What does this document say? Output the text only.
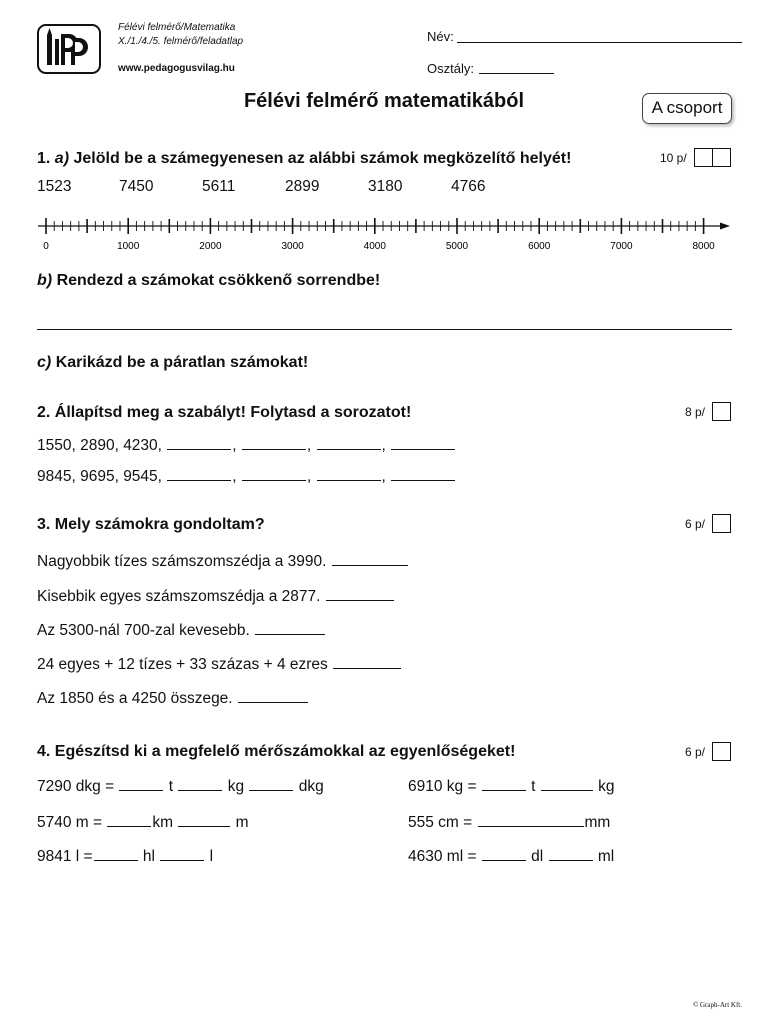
Félévi felmérő/Matematika
X./1./4./5. felmérő/feladatlap
www.pedagogusvilag.hu
Név:
Osztály:
Félévi felmérő matematikából	A csoport
1. a) Jelöld be a számegyenesen az alábbi számok megközelítő helyét!	10 p/
1523	7450	5611	2899	3180	4766
0	1000	2000	3000	4000	5000	6000	7000	8000
b) Rendezd a számokat csökkenő sorrendbe!
c) Karikázd be a páratlan számokat!
2. Állapítsd meg a szabályt! Folytasd a sorozatot!	8 p/
1550, 2890, 4230,	,	,	,
9845, 9695, 9545,	,	,	,
3. Mely számokra gondoltam?	6 p/
Nagyobbik tízes számszomszédja a 3990.
Kisebbik egyes számszomszédja a 2877.
Az 5300-nál 700-zal kevesebb.
24 egyes + 12 tízes + 33 százas + 4 ezres
Az 1850 és a 4250 összege.
4. Egészítsd ki a megfelelő mérőszámokkal az egyenlőségeket!	6 p/
7290 dkg =	t	kg	dkg
5740 m =	km	m
9841 l =	hl	l
6910 kg =	t	kg
555 cm =	mm
4630 ml =	dl	ml
© Graph-Art Kft.
